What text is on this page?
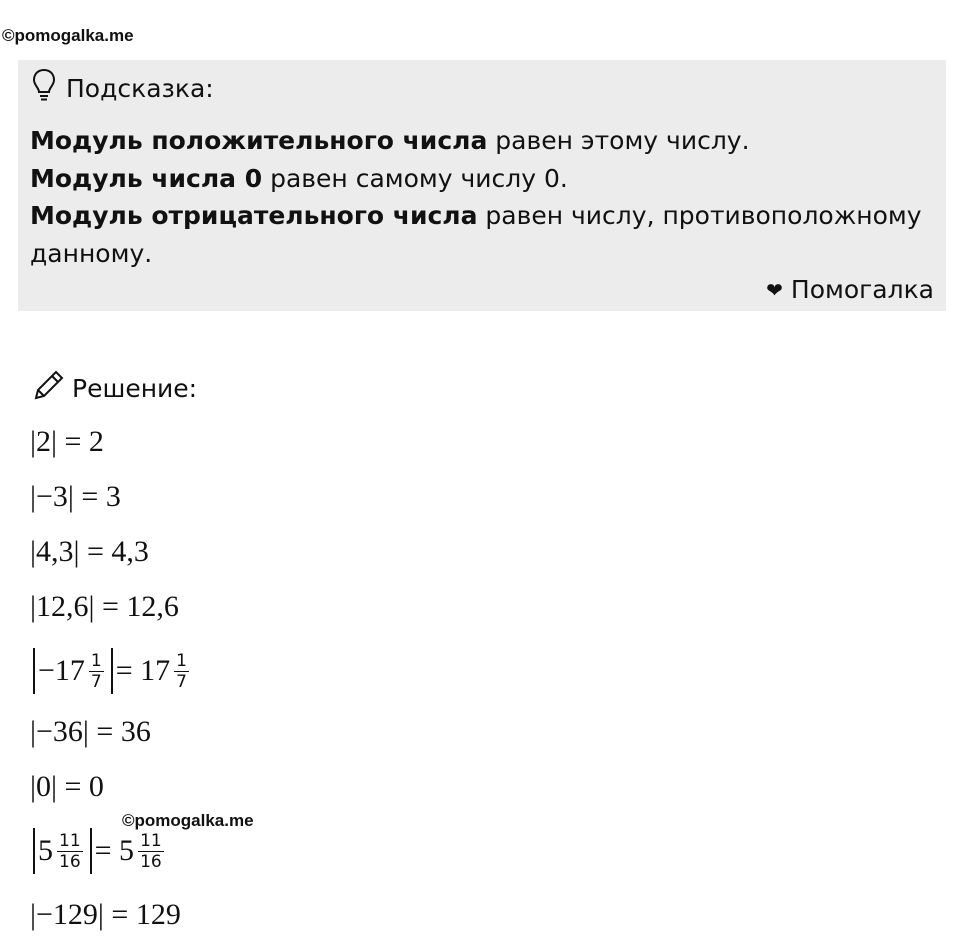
©pomogalka.me
Подсказка:
Модуль положительного числа равен этому числу.
Модуль числа 0 равен самому числу 0.
Модуль отрицательного числа равен числу, противоположному данному.
❤ Помогалка
Решение:
|2| = 2
|−3| = 3
|4,3| = 4,3
|12,6| = 12,6
$-17 \frac{1}{7} = 17 \frac{1}{7}$
|−36| = 36
|0| = 0
©pomogalka.me
$5 \frac{11}{16} = 5 \frac{11}{16}$
|−129| = 129
